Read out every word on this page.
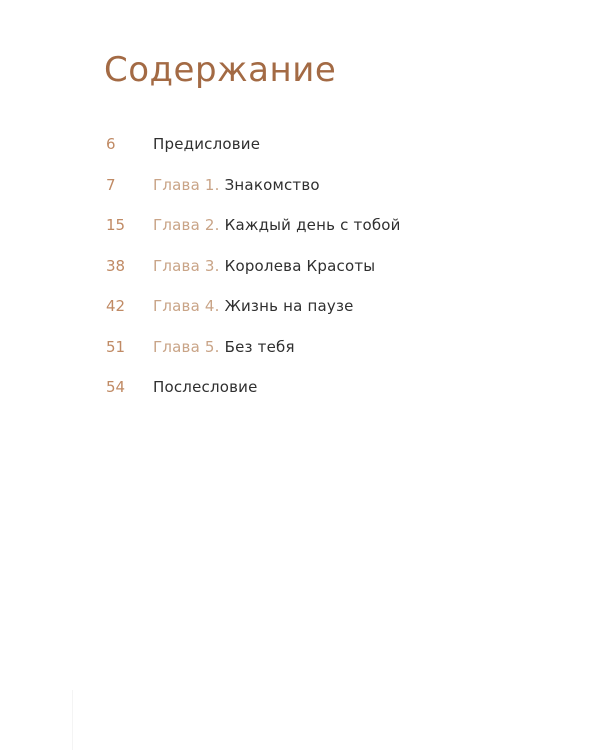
Содержание
6 Предисловие
7 Глава 1. Знакомство
15 Глава 2. Каждый день с тобой
38 Глава 3. Королева Красоты
42 Глава 4. Жизнь на паузе
51 Глава 5. Без тебя
54 Послесловие
